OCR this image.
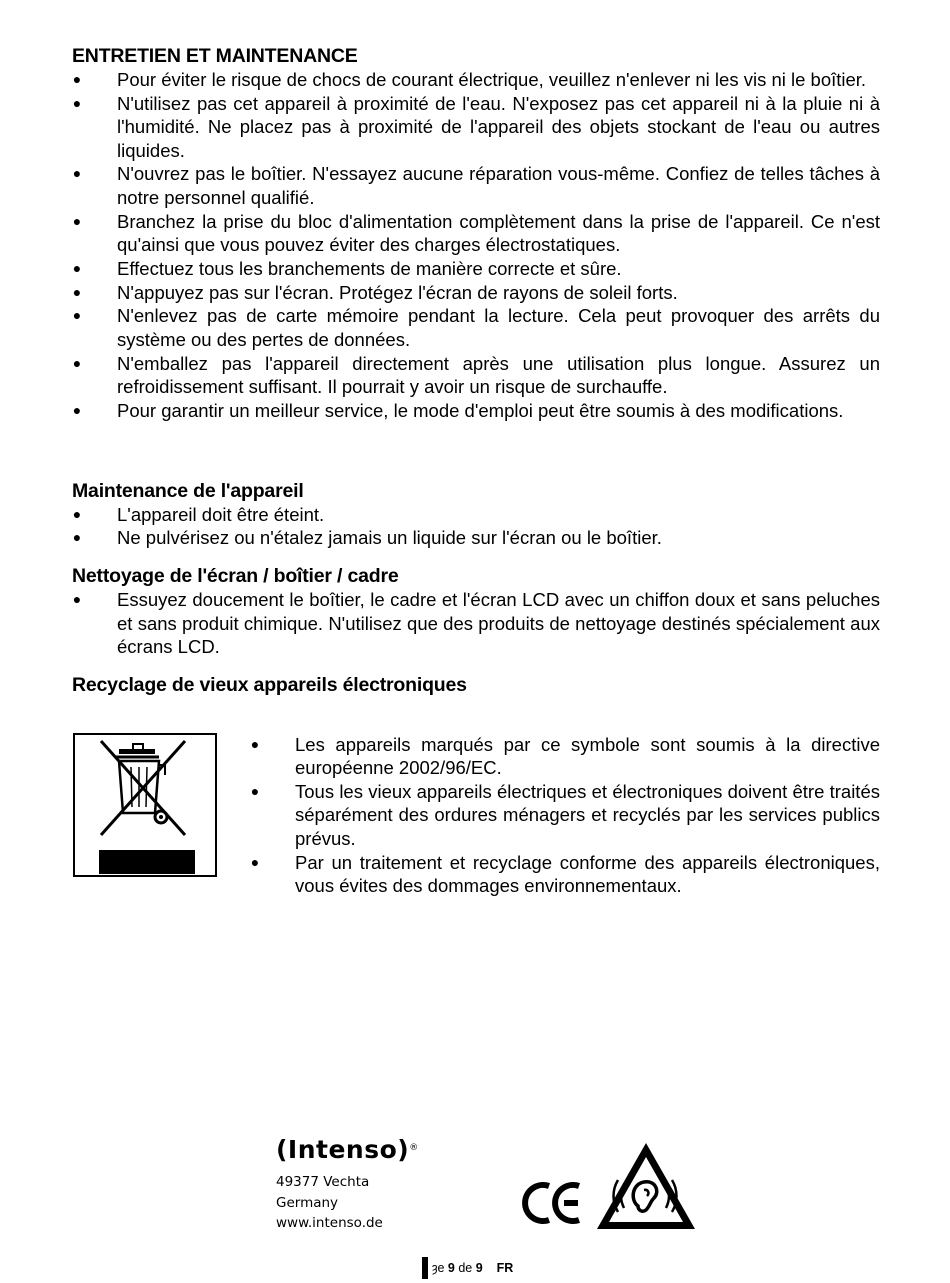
ENTRETIEN ET MAINTENANCE
● Pour éviter le risque de chocs de courant électrique, veuillez n'enlever ni les vis ni le boîtier.
● N'utilisez pas cet appareil à proximité de l'eau. N'exposez pas cet appareil ni à la pluie ni à l'humidité. Ne placez pas à proximité de l'appareil des objets stockant de l'eau ou autres liquides.
● N'ouvrez pas le boîtier. N'essayez aucune réparation vous-même. Confiez de telles tâches à notre personnel qualifié.
● Branchez la prise du bloc d'alimentation complètement dans la prise de l'appareil. Ce n'est qu'ainsi que vous pouvez éviter des charges électrostatiques.
● Effectuez tous les branchements de manière correcte et sûre.
● N'appuyez pas sur l'écran. Protégez l'écran de rayons de soleil forts.
● N'enlevez pas de carte mémoire pendant la lecture. Cela peut provoquer des arrêts du système ou des pertes de données.
● N'emballez pas l'appareil directement après une utilisation plus longue. Assurez un refroidissement suffisant. Il pourrait y avoir un risque de surchauffe.
● Pour garantir un meilleur service, le mode d'emploi peut être soumis à des modifications.
Maintenance de l'appareil
● L'appareil doit être éteint.
● Ne pulvérisez ou n'étalez jamais un liquide sur l'écran ou le boîtier.
Nettoyage de l'écran / boîtier / cadre
● Essuyez doucement le boîtier, le cadre et l'écran LCD avec un chiffon doux et sans peluches et sans produit chimique. N'utilisez que des produits de nettoyage destinés spécialement aux écrans LCD.
Recyclage de vieux appareils électroniques
● Les appareils marqués par ce symbole sont soumis à la directive européenne 2002/96/EC.
● Tous les vieux appareils électriques et électroniques doivent être traités séparément des ordures ménagers et recyclés par les services publics prévus.
● Par un traitement et recyclage conforme des appareils électroniques, vous évites des dommages environnementaux.
(Intenso)®
49377 Vechta
Germany
www.intenso.de
ȝe 9 de 9 FR
